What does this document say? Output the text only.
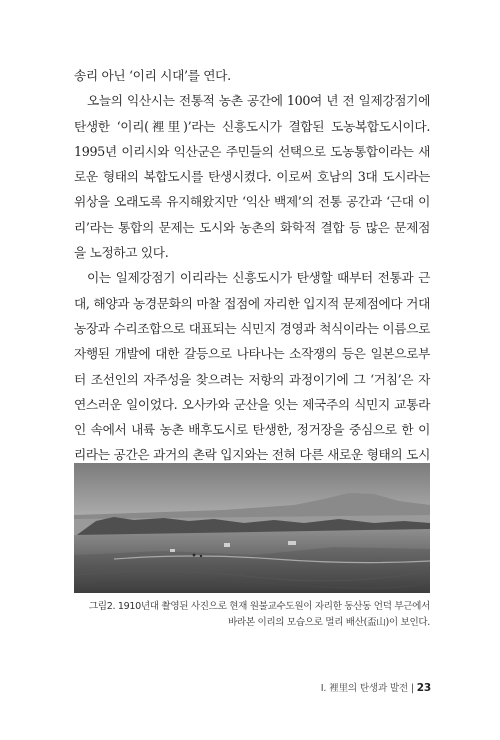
송리 아닌 ‘이리 시대’를 연다.

오늘의 익산시는 전통적 농촌 공간에 100여 년 전 일제강점기에 탄생한 ‘이리(裡里)’라는 신흥도시가 결합된 도농복합도시이다. 1995년 이리시와 익산군은 주민들의 선택으로 도농통합이라는 새로운 형태의 복합도시를 탄생시켰다. 이로써 호남의 3대 도시라는 위상을 오래도록 유지해왔지만 ‘익산 백제’의 전통 공간과 ‘근대 이리’라는 통합의 문제는 도시와 농촌의 화학적 결합 등 많은 문제점을 노정하고 있다.

이는 일제강점기 이리라는 신흥도시가 탄생할 때부터 전통과 근대, 해양과 농경문화의 마찰 접점에 자리한 입지적 문제점에다 거대농장과 수리조합으로 대표되는 식민지 경영과 척식이라는 이름으로 자행된 개발에 대한 갈등으로 나타나는 소작쟁의 등은 일본으로부터 조선인의 자주성을 찾으려는 저항의 과정이기에 그 ‘거침’은 자연스러운 일이었다. 오사카와 군산을 잇는 제국주의 식민지 교통라인 속에서 내륙 농촌 배후도시로 탄생한, 정거장을 중심으로 한 이리라는 공간은 과거의 촌락 입지와는 전혀 다른 새로운 형태의 도시

그림2. 1910년대 촬영된 사진으로 현재 원불교수도원이 자리한 동산동 언덕 부근에서
바라본 이리의 모습으로 멀리 배산(盃山)이 보인다.
Ⅰ. 裡里의 탄생과 발전 | 23
